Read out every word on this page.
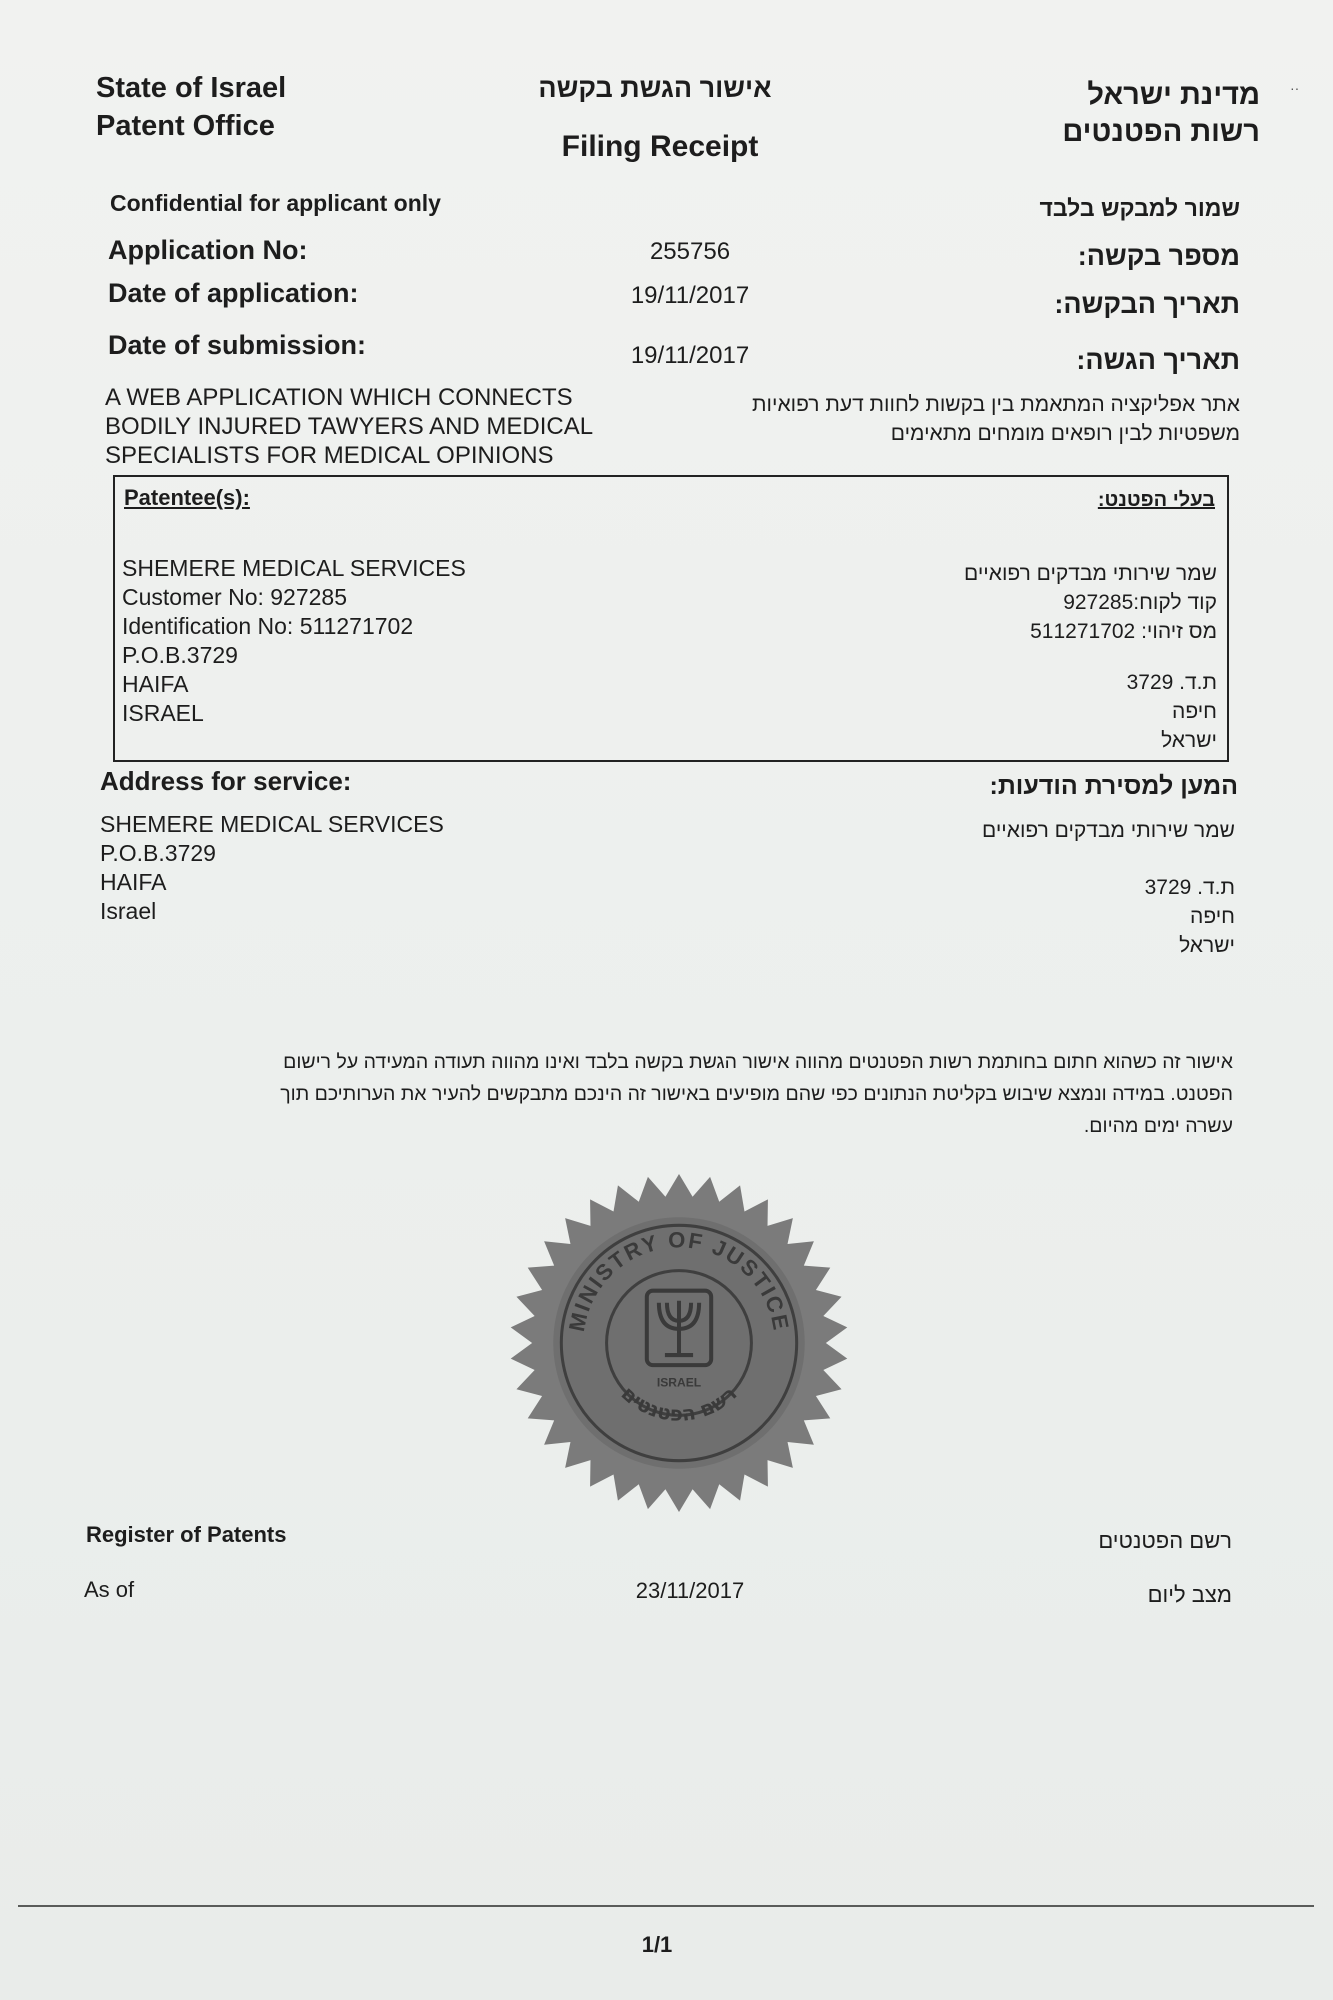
··
State of Israel
Patent Office
אישור הגשת בקשה
Filing Receipt
מדינת ישראל
רשות הפטנטים
Confidential for applicant only	שמור למבקש בלבד
Application No:	255756	מספר בקשה:
Date of application:	19/11/2017	תאריך הבקשה:
Date of submission:	19/11/2017	תאריך הגשה:
A WEB APPLICATION WHICH CONNECTS
BODILY INJURED TAWYERS AND MEDICAL
SPECIALISTS FOR MEDICAL OPINIONS
אתר אפליקציה המתאמת בין בקשות לחוות דעת רפואיות
משפטיות לבין רופאים מומחים מתאימים
Patentee(s):	בעלי הפטנט:
SHEMERE MEDICAL SERVICES
Customer No: 927285
Identification No: 511271702
P.O.B.3729
HAIFA
ISRAEL
שמר שירותי מבדקים רפואיים
קוד לקוח:927285
מס זיהוי: 511271702
ת.ד. 3729
חיפה
ישראל
Address for service:	המען למסירת הודעות:
SHEMERE MEDICAL SERVICES
P.O.B.3729
HAIFA
Israel
שמר שירותי מבדקים רפואיים
ת.ד. 3729
חיפה
ישראל
אישור זה כשהוא חתום בחותמת רשות הפטנטים מהווה אישור הגשת בקשה בלבד ואינו מהווה תעודה המעידה על רישום
הפטנט. במידה ונמצא שיבוש בקליטת הנתונים כפי שהם מופיעים באישור זה הינכם מתבקשים להעיר את הערותיכם תוך
עשרה ימים מהיום.
MINISTRY OF JUSTICE
ISRAEL
רשם הפטנטים
Register of Patents	רשם הפטנטים
As of	23/11/2017	מצב ליום
1/1
